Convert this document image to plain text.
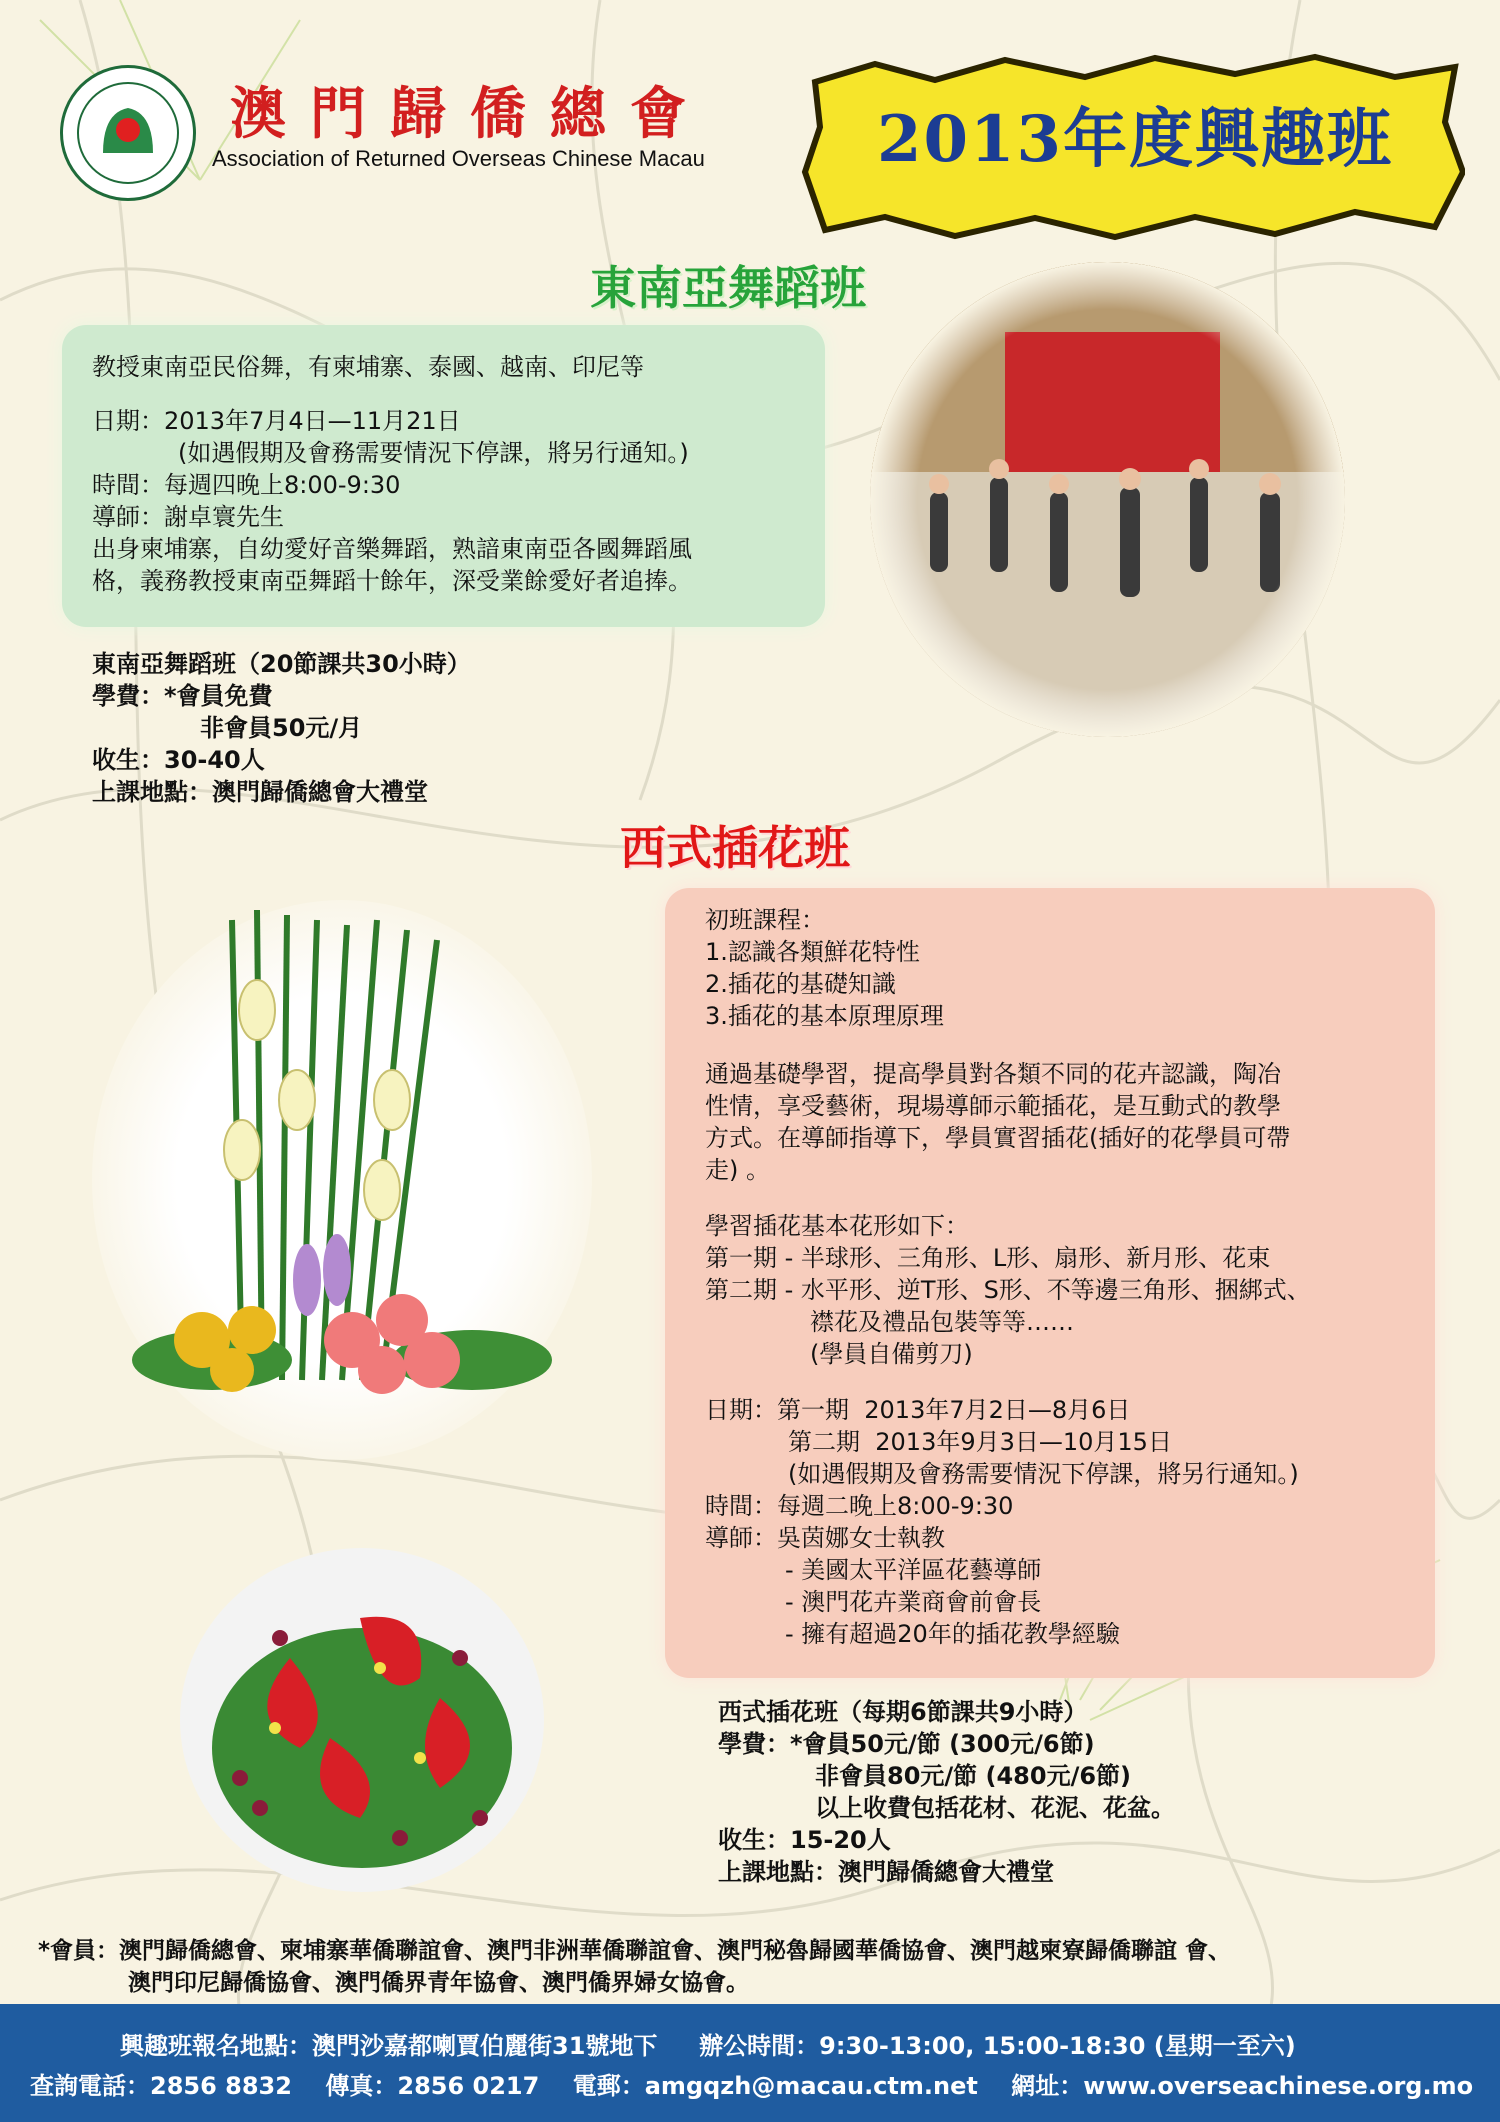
澳門歸僑總會
Association of Returned Overseas Chinese Macau	2013年度興趣班
東南亞舞蹈班
教授東南亞民俗舞，有柬埔寨、泰國、越南、印尼等
日期：2013年7月4日—11月21日
(如遇假期及會務需要情況下停課，將另行通知。)
時間：每週四晚上8:00-9:30
導師：謝卓寰先生
出身柬埔寨，自幼愛好音樂舞蹈，熟諳東南亞各國舞蹈風
格，義務教授東南亞舞蹈十餘年，深受業餘愛好者追捧。
東南亞舞蹈班（20節課共30小時）
學費：*會員免費
非會員50元/月
收生：30-40人
上課地點：澳門歸僑總會大禮堂
西式插花班
初班課程：
1.認識各類鮮花特性
2.插花的基礎知識
3.插花的基本原理原理
通過基礎學習，提高學員對各類不同的花卉認識，陶冶
性情，享受藝術，現場導師示範插花，是互動式的教學
方式。在導師指導下，學員實習插花(插好的花學員可帶
走) 。
學習插花基本花形如下：
第一期 - 半球形、三角形、L形、扇形、新月形、花束
第二期 - 水平形、逆T形、S形、不等邊三角形、捆綁式、
襟花及禮品包裝等等……
(學員自備剪刀)
日期：第一期  2013年7月2日—8月6日
第二期  2013年9月3日—10月15日
(如遇假期及會務需要情況下停課，將另行通知。)
時間：每週二晚上8:00-9:30
導師：吳茵娜女士執教
- 美國太平洋區花藝導師
- 澳門花卉業商會前會長
- 擁有超過20年的插花教學經驗
西式插花班（每期6節課共9小時）
學費：*會員50元/節 (300元/6節)
非會員80元/節 (480元/6節)
以上收費包括花材、花泥、花盆。
收生：15-20人
上課地點：澳門歸僑總會大禮堂
*會員：澳門歸僑總會、柬埔寨華僑聯誼會、澳門非洲華僑聯誼會、澳門秘魯歸國華僑協會、澳門越柬寮歸僑聯誼 會、
澳門印尼歸僑協會、澳門僑界青年協會、澳門僑界婦女協會。
興趣班報名地點：澳門沙嘉都喇賈伯麗街31號地下     辦公時間：9:30-13:00, 15:00-18:30 (星期一至六)
查詢電話：2856 8832    傳真：2856 0217    電郵：amgqzh@macau.ctm.net    網址：www.overseachinese.org.mo
